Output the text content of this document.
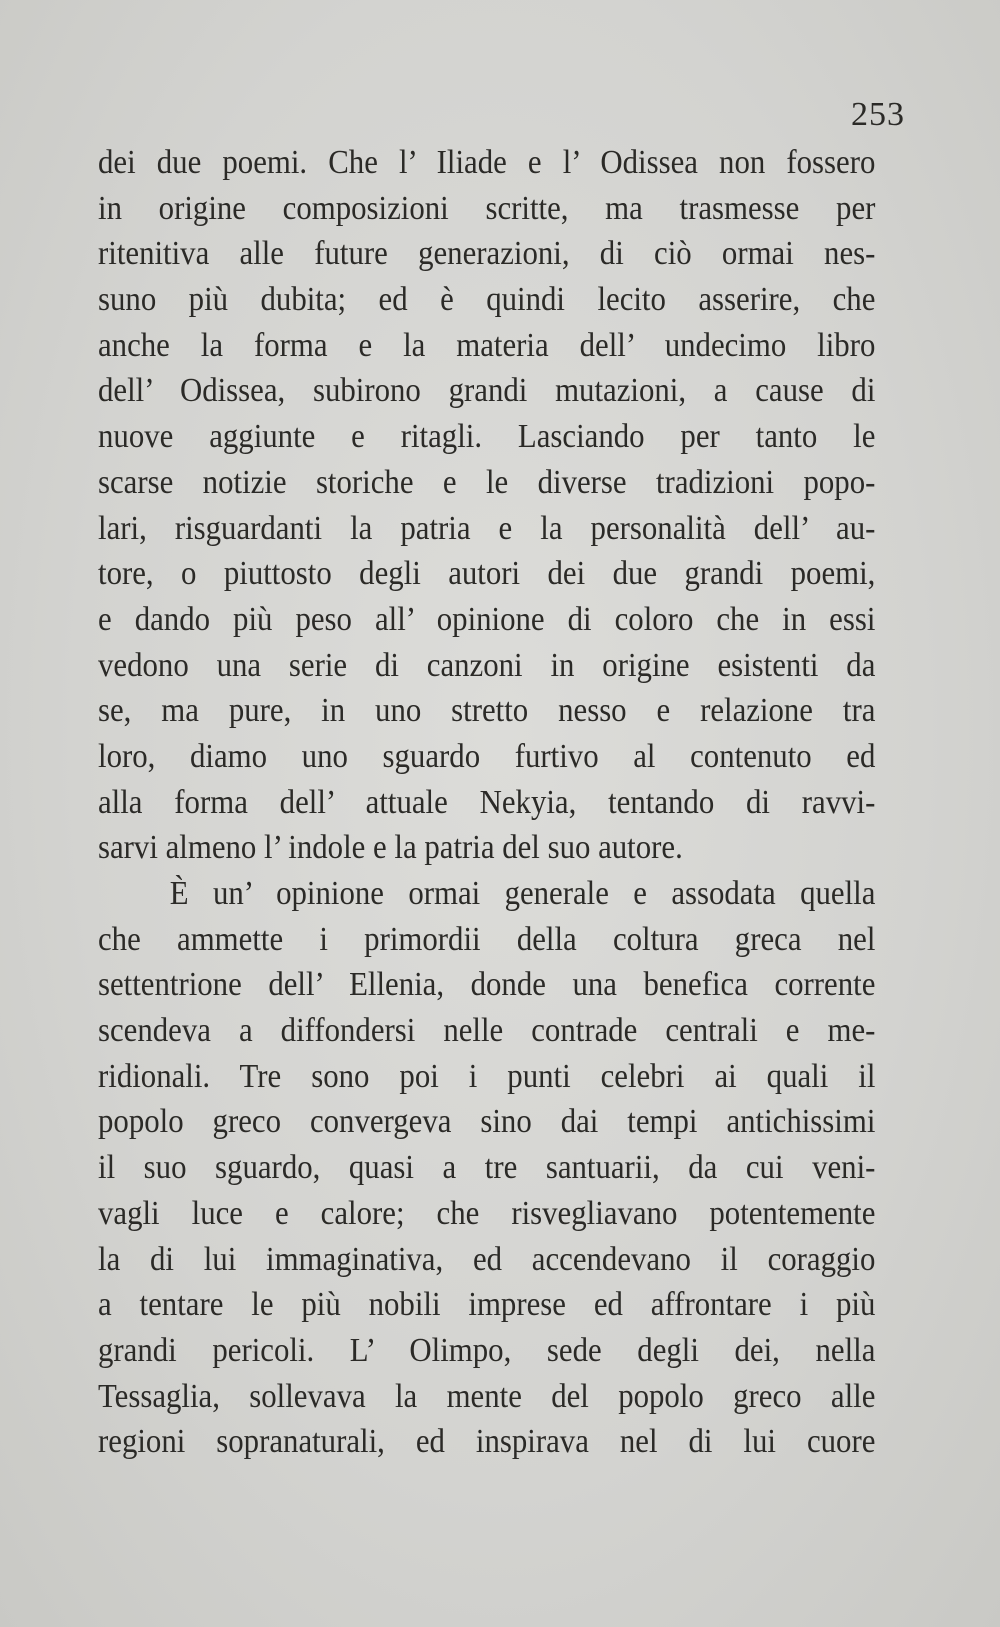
253
dei due poemi. Che l’ Iliade e l’ Odissea non fossero
in origine composizioni scritte, ma trasmesse per
ritenitiva alle future generazioni, di ciò ormai nes-
suno più dubita; ed è quindi lecito asserire, che
anche la forma e la materia dell’ undecimo libro
dell’ Odissea, subirono grandi mutazioni, a cause di
nuove aggiunte e ritagli. Lasciando per tanto le
scarse notizie storiche e le diverse tradizioni popo-
lari, risguardanti la patria e la personalità dell’ au-
tore, o piuttosto degli autori dei due grandi poemi,
e dando più peso all’ opinione di coloro che in essi
vedono una serie di canzoni in origine esistenti da
se, ma pure, in uno stretto nesso e relazione tra
loro, diamo uno sguardo furtivo al contenuto ed
alla forma dell’ attuale Nekyia, tentando di ravvi-
sarvi almeno l’ indole e la patria del suo autore.
È un’ opinione ormai generale e assodata quella
che ammette i primordii della coltura greca nel
settentrione dell’ Ellenia, donde una benefica corrente
scendeva a diffondersi nelle contrade centrali e me-
ridionali. Tre sono poi i punti celebri ai quali il
popolo greco convergeva sino dai tempi antichissimi
il suo sguardo, quasi a tre santuarii, da cui veni-
vagli luce e calore; che risvegliavano potentemente
la di lui immaginativa, ed accendevano il coraggio
a tentare le più nobili imprese ed affrontare i più
grandi pericoli. L’ Olimpo, sede degli dei, nella
Tessaglia, sollevava la mente del popolo greco alle
regioni sopranaturali, ed inspirava nel di lui cuore
